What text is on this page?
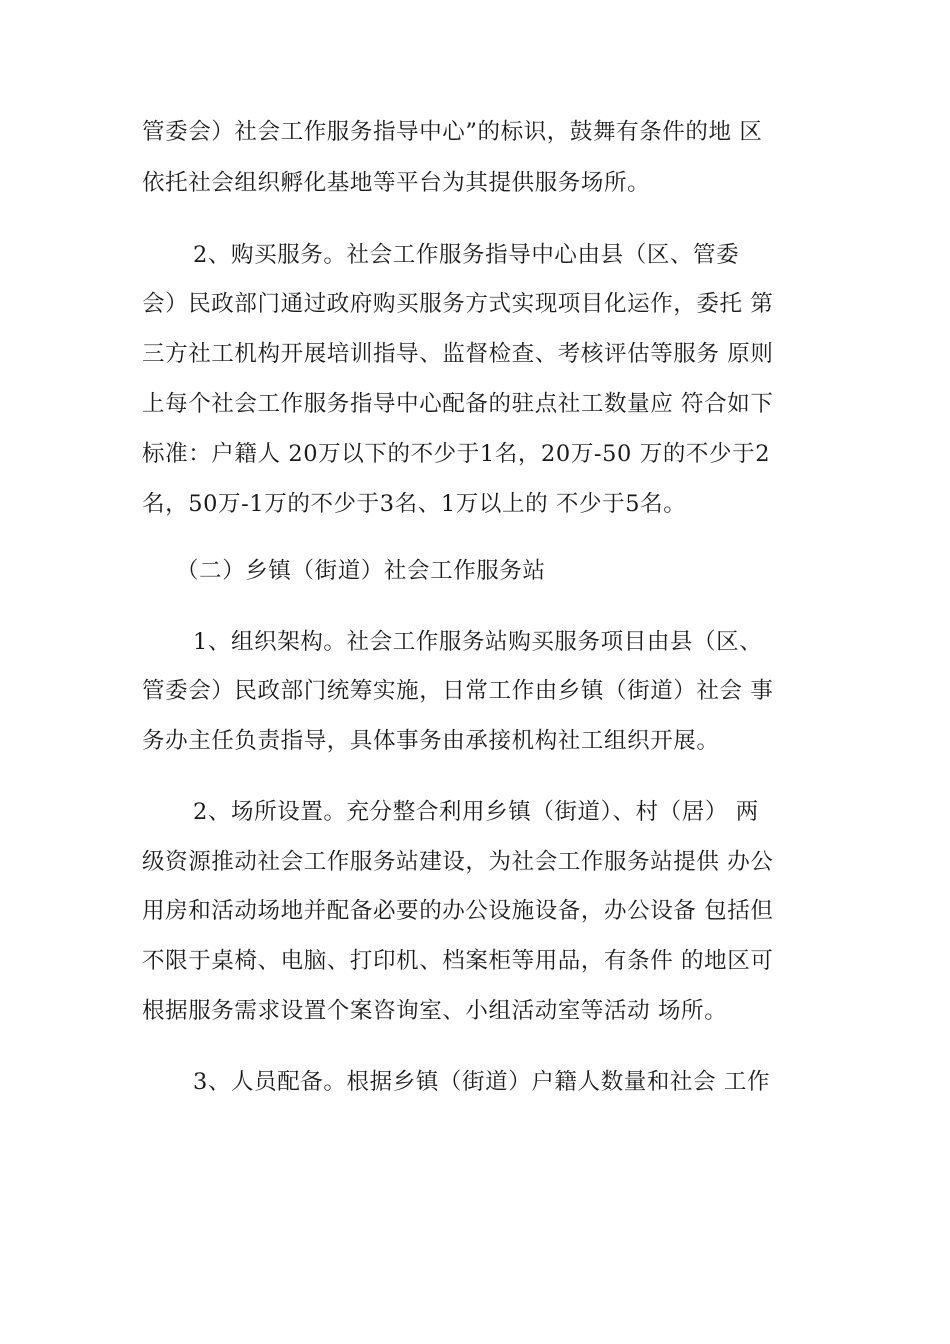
管委会）社会工作服务指导中心”的标识，鼓舞有条件的地 区
依托社会组织孵化基地等平台为其提供服务场所。
2、购买服务。社会工作服务指导中心由县（区、管委
会）民政部门通过政府购买服务方式实现项目化运作，委托 第
三方社工机构开展培训指导、监督检查、考核评估等服务 原则
上每个社会工作服务指导中心配备的驻点社工数量应 符合如下
标准：户籍人 20万以下的不少于1名，20万-50 万的不少于2
名，50万-1万的不少于3名、1万以上的 不少于5名。
（二）乡镇（街道）社会工作服务站
1、组织架构。社会工作服务站购买服务项目由县（区、
管委会）民政部门统筹实施，日常工作由乡镇（街道）社会 事
务办主任负责指导，具体事务由承接机构社工组织开展。
2、场所设置。充分整合利用乡镇（街道）、村（居） 两
级资源推动社会工作服务站建设，为社会工作服务站提供 办公
用房和活动场地并配备必要的办公设施设备，办公设备 包括但
不限于桌椅、电脑、打印机、档案柜等用品，有条件 的地区可
根据服务需求设置个案咨询室、小组活动室等活动 场所。
3、人员配备。根据乡镇（街道）户籍人数量和社会 工作
